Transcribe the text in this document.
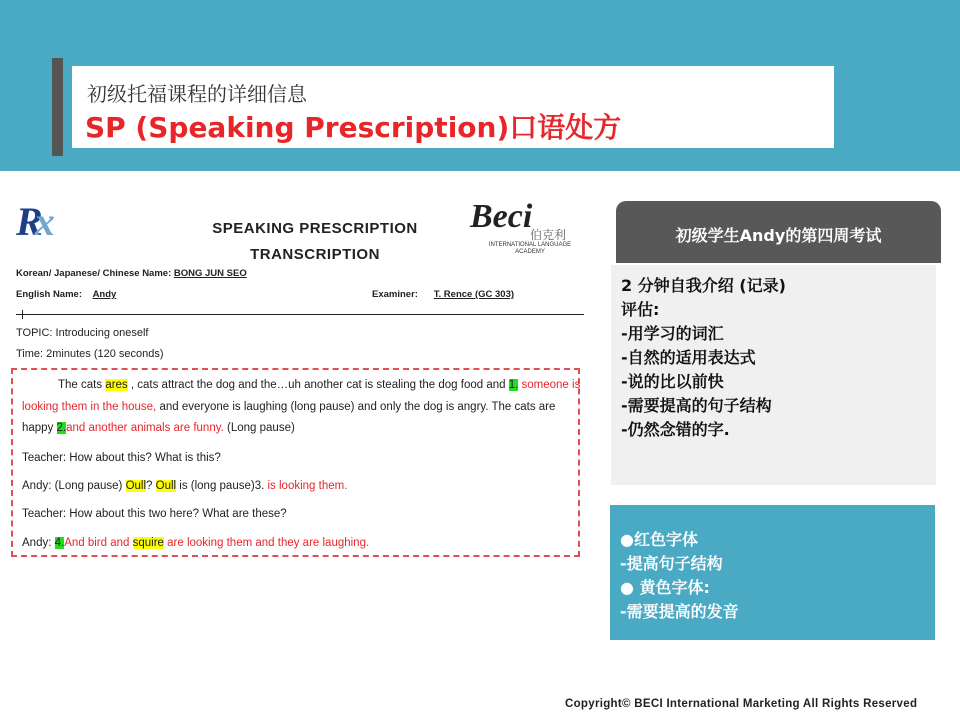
初级托福课程的详细信息
SP (Speaking Prescription)口语处方
Rx	SPEAKING PRESCRIPTION
TRANSCRIPTION
Beci
伯克利
INTERNATIONAL LANGUAGE ACADEMY
Korean/ Japanese/ Chinese Name: BONG JUN SEO
English Name: Andy	Examiner: T. Rence (GC 303)
TOPIC: Introducing oneself
Time: 2minutes (120 seconds)
The cats ares , cats attract the dog and the…uh another cat is stealing the dog food and 1. someone is
looking them in the house, and everyone is laughing (long pause) and only the dog is angry. The cats are
happy 2.and another animals are funny. (Long pause)
Teacher: How about this? What is this?
Andy: (Long pause) Oull? Oull is (long pause)3. is looking them.
Teacher: How about this two here? What are these?
Andy: 4.And bird and squire are looking them and they are laughing.
初级学生Andy的第四周考试
2 分钟自我介绍 (记录)
评估:
-用学习的词汇
-自然的适用表达式
-说的比以前快
-需要提高的句子结构
-仍然念错的字.
●红色字体
-提高句子结构
● 黄色字体:
-需要提高的发音
Copyright© BECI International Marketing All Rights Reserved
